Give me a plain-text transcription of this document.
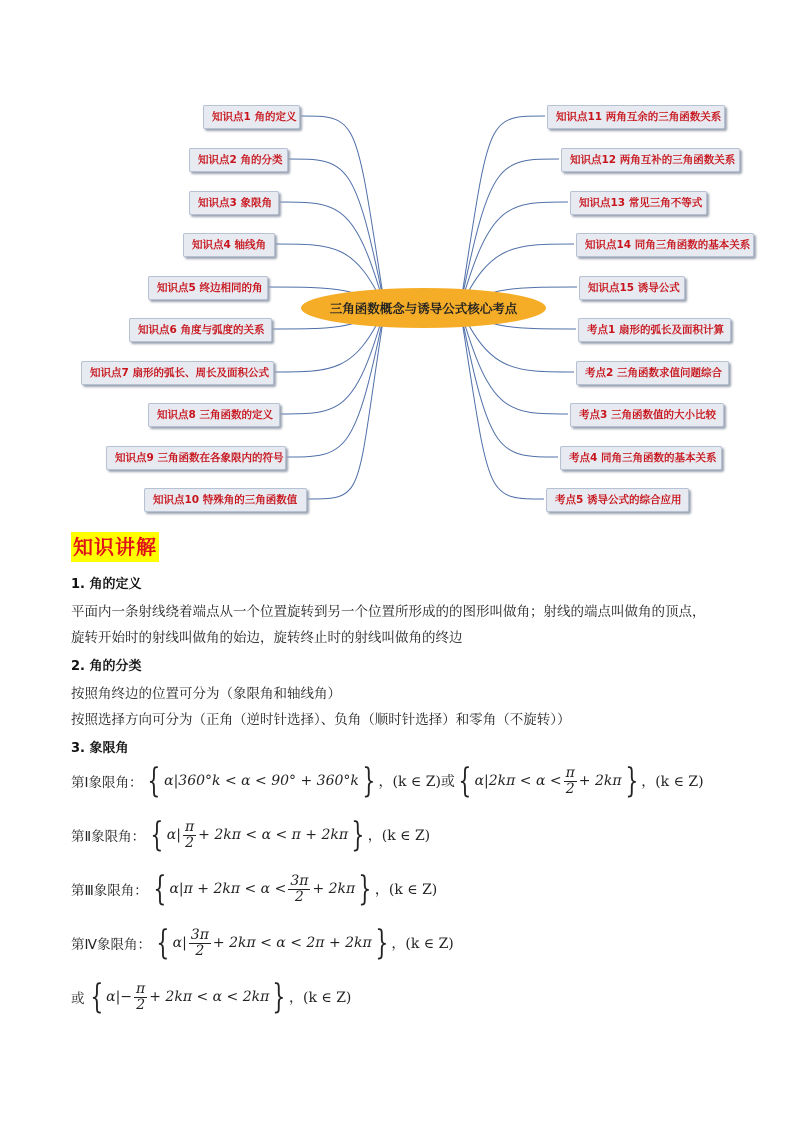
三角函数概念与诱导公式核心考点
知识点1 角的定义
知识点2 角的分类
知识点3 象限角
知识点4 轴线角
知识点5 终边相同的角
知识点6 角度与弧度的关系
知识点7 扇形的弧长、周长及面积公式
知识点8 三角函数的定义
知识点9 三角函数在各象限内的符号
知识点10 特殊角的三角函数值
知识点11 两角互余的三角函数关系
知识点12 两角互补的三角函数关系
知识点13 常见三角不等式
知识点14 同角三角函数的基本关系
知识点15 诱导公式
考点1 扇形的弧长及面积计算
考点2 三角函数求值问题综合
考点3 三角函数值的大小比较
考点4 同角三角函数的基本关系
考点5 诱导公式的综合应用
知识讲解
1. 角的定义
平面内一条射线绕着端点从一个位置旋转到另一个位置所形成的的图形叫做角；射线的端点叫做角的顶点，
旋转开始时的射线叫做角的始边，旋转终止时的射线叫做角的终边
2. 角的分类
按照角终边的位置可分为（象限角和轴线角）
按照选择方向可分为（正角（逆时针选择）、负角（顺时针选择）和零角（不旋转））
3. 象限角
第Ⅰ象限角： { α|360°k < α < 90° + 360°k } ，(k ∈ Z)或 { $\alpha|2k\pi < \alpha < \frac{\pi}{2} + 2k\pi$ } ，(k ∈ Z)
第Ⅱ象限角： { $\alpha| \frac{\pi}{2} + 2k\pi < \alpha < \pi + 2k\pi$ } ，(k ∈ Z)
第Ⅲ象限角： { $\alpha|\pi + 2k\pi < \alpha < \frac{3\pi}{2} + 2k\pi$ } ，(k ∈ Z)
第Ⅳ象限角： { $\alpha| \frac{3\pi}{2} + 2k\pi < \alpha < 2\pi + 2k\pi$ } ，(k ∈ Z)
或 { $\alpha|- \frac{\pi}{2} + 2k\pi < \alpha < 2k\pi$ } ，(k ∈ Z)
